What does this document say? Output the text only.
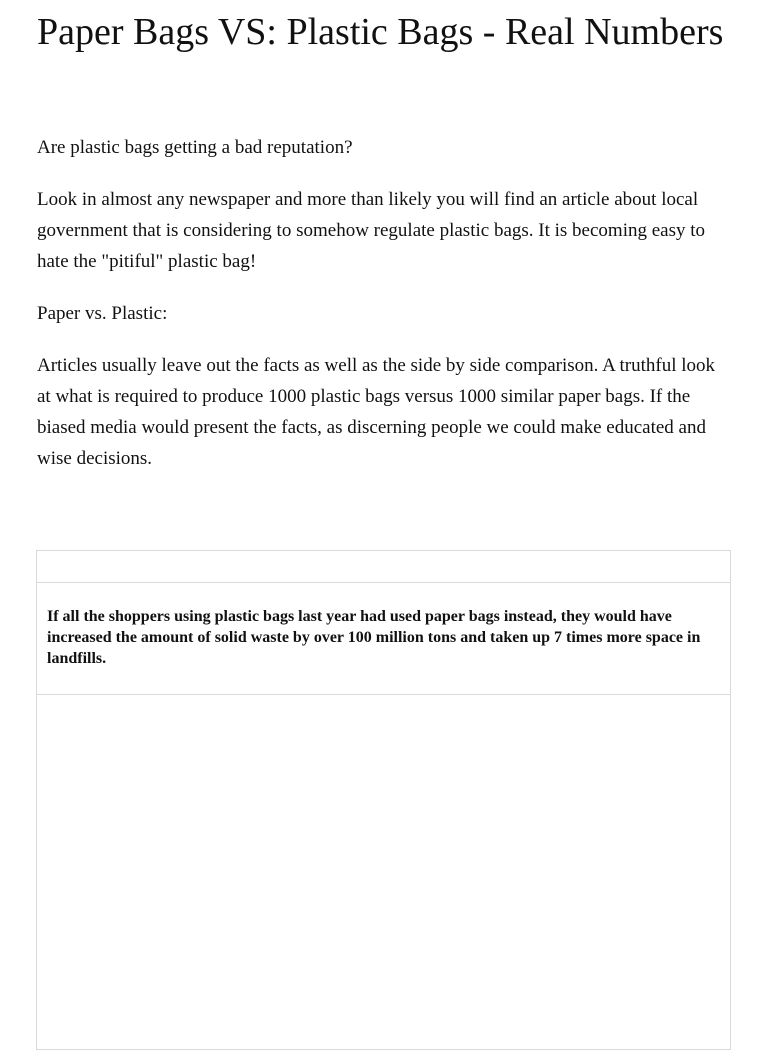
Paper Bags VS: Plastic Bags - Real Numbers

Are plastic bags getting a bad reputation?

Look in almost any newspaper and more than likely you will find an article about local government that is considering to somehow regulate plastic bags. It is becoming easy to hate the "pitiful" plastic bag!

Paper vs. Plastic:

Articles usually leave out the facts as well as the side by side comparison. A truthful look at what is required to produce 1000 plastic bags versus 1000 similar paper bags. If the biased media would present the facts, as discerning people we could make educated and wise decisions.

If all the shoppers using plastic bags last year had used paper bags instead, they would have increased the amount of solid waste by over 100 million tons and taken up 7 times more space in landfills.
